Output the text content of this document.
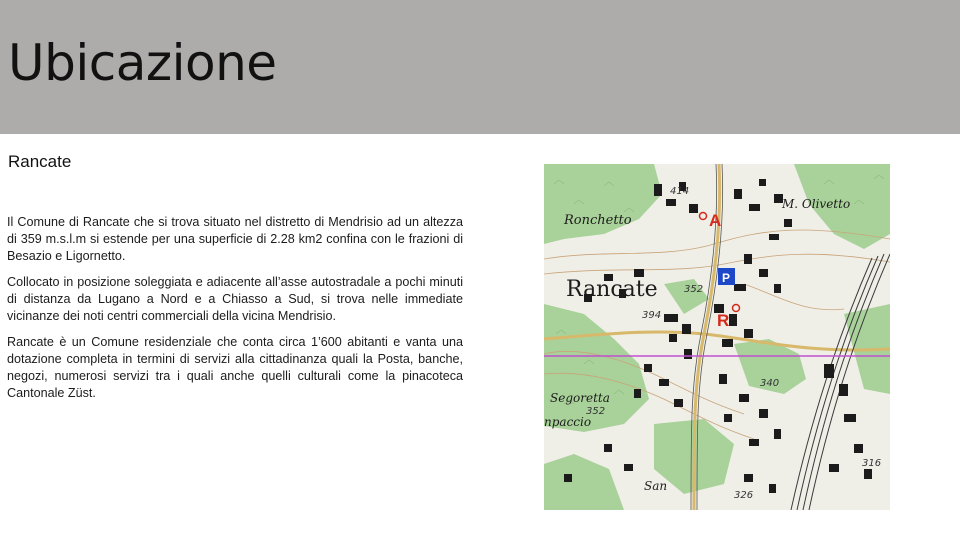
Ubicazione
Rancate

Il Comune di Rancate che si trova situato nel distretto di Mendrisio ad un altezza di 359 m.s.l.m si estende per una superficie di 2.28 km2 confina con le frazioni di Besazio e Ligornetto.

Collocato in posizione soleggiata e adiacente all’asse autostradale a pochi minuti di distanza da Lugano a Nord e a Chiasso a Sud, si trova nelle immediate vicinanze dei noti centri commerciali della vicina Mendrisio.

Rancate è un Comune residenziale che conta circa 1’600 abitanti e vanta una dotazione completa in termini di servizi alla cittadinanza quali la Posta, banche, negozi, numerosi servizi tra i quali anche quelli culturali come la pinacoteca Cantonale Züst.

Rancate
Ronchetto
M. Olivetto
Segoretta
npaccio
San
414
352
394
340
352
326
316
A
P
R
